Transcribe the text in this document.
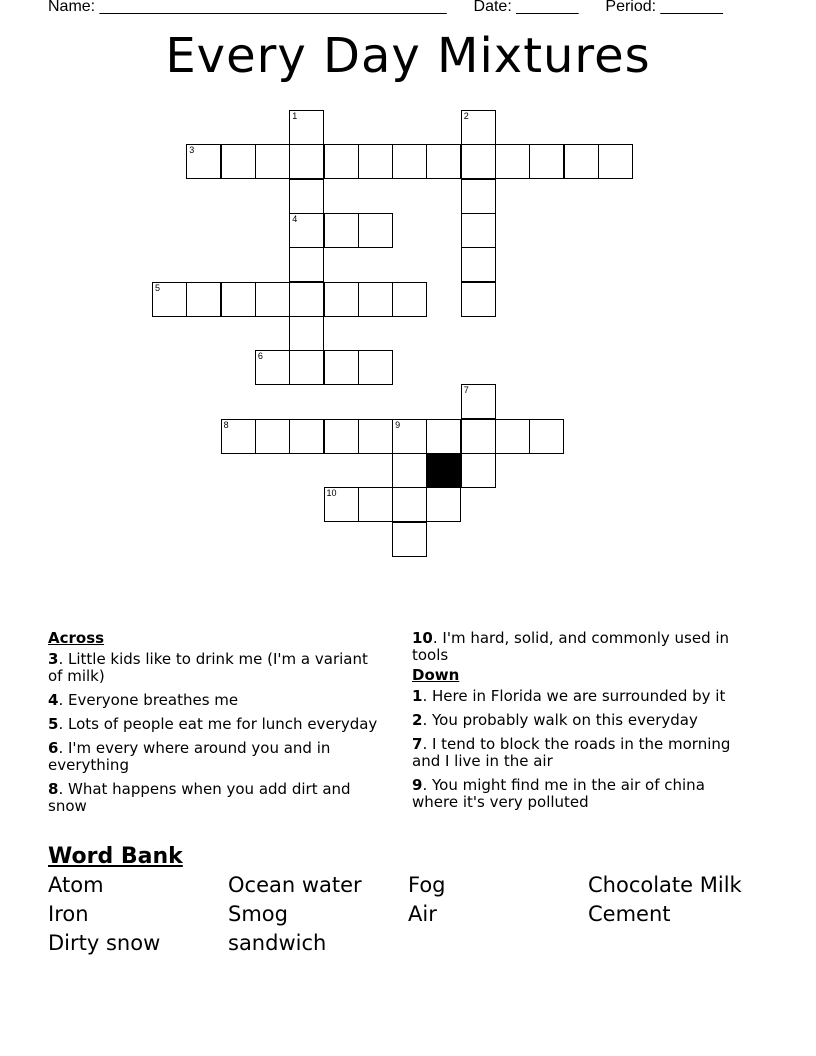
Name: _______________________________________ Date: _______ Period: _______
Every Day Mixtures
3
1
4
2
5
6
7
8	9
10
Across
3. Little kids like to drink me (I'm a variant of milk)
4. Everyone breathes me
5. Lots of people eat me for lunch everyday
6. I'm every where around you and in everything
8. What happens when you add dirt and snow
10. I'm hard, solid, and commonly used in tools
Down
1. Here in Florida we are surrounded by it
2. You probably walk on this everyday
7. I tend to block the roads in the morning and I live in the air
9. You might find me in the air of china where it's very polluted
Word Bank
Atom	Ocean water	Fog	Chocolate Milk
Iron	Smog	Air	Cement
Dirty snow	sandwich
